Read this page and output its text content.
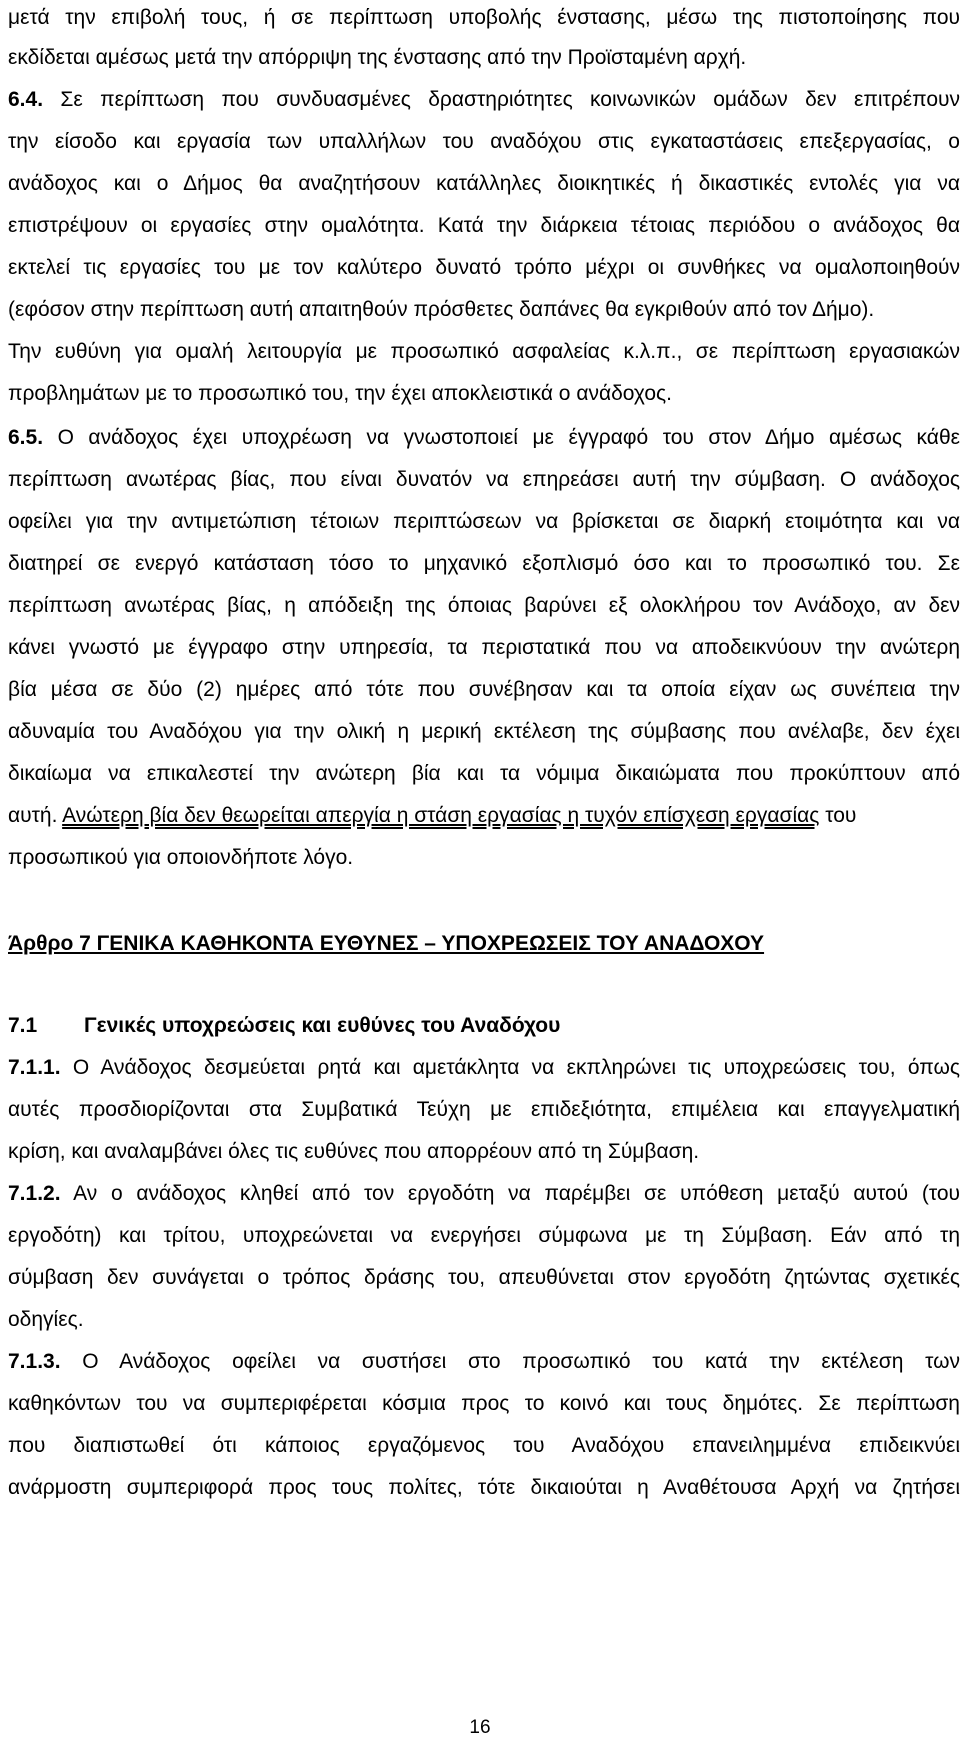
μετά την επιβολή τους, ή σε περίπτωση υποβολής ένστασης, μέσω της πιστοποίησης που
εκδίδεται αμέσως μετά την απόρριψη της ένστασης από την Προϊσταμένη αρχή.
6.4. Σε περίπτωση που συνδυασμένες δραστηριότητες κοινωνικών ομάδων δεν επιτρέπουν
την είσοδο και εργασία των υπαλλήλων του αναδόχου στις εγκαταστάσεις επεξεργασίας, ο
ανάδοχος και ο Δήμος θα αναζητήσουν κατάλληλες διοικητικές ή δικαστικές εντολές για να
επιστρέψουν οι εργασίες στην ομαλότητα. Κατά την διάρκεια τέτοιας περιόδου ο ανάδοχος θα
εκτελεί τις εργασίες του με τον καλύτερο δυνατό τρόπο μέχρι οι συνθήκες να ομαλοποιηθούν
(εφόσον στην περίπτωση αυτή απαιτηθούν πρόσθετες δαπάνες θα εγκριθούν από τον Δήμο).
Την ευθύνη για ομαλή λειτουργία με προσωπικό ασφαλείας κ.λ.π., σε περίπτωση εργασιακών
προβλημάτων με το προσωπικό του, την έχει αποκλειστικά ο ανάδοχος.
6.5. Ο ανάδοχος έχει υποχρέωση να γνωστοποιεί με έγγραφό του στον Δήμο αμέσως κάθε
περίπτωση ανωτέρας βίας, που είναι δυνατόν να επηρεάσει αυτή την σύμβαση. Ο ανάδοχος
οφείλει για την αντιμετώπιση τέτοιων περιπτώσεων να βρίσκεται σε διαρκή ετοιμότητα και να
διατηρεί σε ενεργό κατάσταση τόσο το μηχανικό εξοπλισμό όσο και το προσωπικό του. Σε
περίπτωση ανωτέρας βίας, η απόδειξη της όποιας βαρύνει εξ ολοκλήρου τον Ανάδοχο, αν δεν
κάνει γνωστό με έγγραφο στην υπηρεσία, τα περιστατικά που να αποδεικνύουν την ανώτερη
βία μέσα σε δύο (2) ημέρες από τότε που συνέβησαν και τα οποία είχαν ως συνέπεια την
αδυναμία του Αναδόχου για την ολική η μερική εκτέλεση της σύμβασης που ανέλαβε, δεν έχει
δικαίωμα να επικαλεστεί την ανώτερη βία και τα νόμιμα δικαιώματα που προκύπτουν από
αυτή. Ανώτερη βία δεν θεωρείται απεργία η στάση εργασίας η τυχόν επίσχεση εργασίας του
προσωπικού για οποιονδήποτε λόγο.
Άρθρο 7 ΓΕΝΙΚΑ ΚΑΘΗΚΟΝΤΑ ΕΥΘΥΝΕΣ – ΥΠΟΧΡΕΩΣΕΙΣ ΤΟΥ ΑΝΑΔΟΧΟΥ
7.1 Γενικές υποχρεώσεις και ευθύνες του Αναδόχου
7.1.1. Ο Ανάδοχος δεσμεύεται ρητά και αμετάκλητα να εκπληρώνει τις υποχρεώσεις του, όπως
αυτές προσδιορίζονται στα Συμβατικά Τεύχη με επιδεξιότητα, επιμέλεια και επαγγελματική
κρίση, και αναλαμβάνει όλες τις ευθύνες που απορρέουν από τη Σύμβαση.
7.1.2. Αν ο ανάδοχος κληθεί από τον εργοδότη να παρέμβει σε υπόθεση μεταξύ αυτού (του
εργοδότη) και τρίτου, υποχρεώνεται να ενεργήσει σύμφωνα με τη Σύμβαση. Εάν από τη
σύμβαση δεν συνάγεται ο τρόπος δράσης του, απευθύνεται στον εργοδότη ζητώντας σχετικές
οδηγίες.
7.1.3. Ο Ανάδοχος οφείλει να συστήσει στο προσωπικό του κατά την εκτέλεση των
καθηκόντων του να συμπεριφέρεται κόσμια προς το κοινό και τους δημότες. Σε περίπτωση
που διαπιστωθεί ότι κάποιος εργαζόμενος του Αναδόχου επανειλημμένα επιδεικνύει
ανάρμοστη συμπεριφορά προς τους πολίτες, τότε δικαιούται η Αναθέτουσα Αρχή να ζητήσει
16
